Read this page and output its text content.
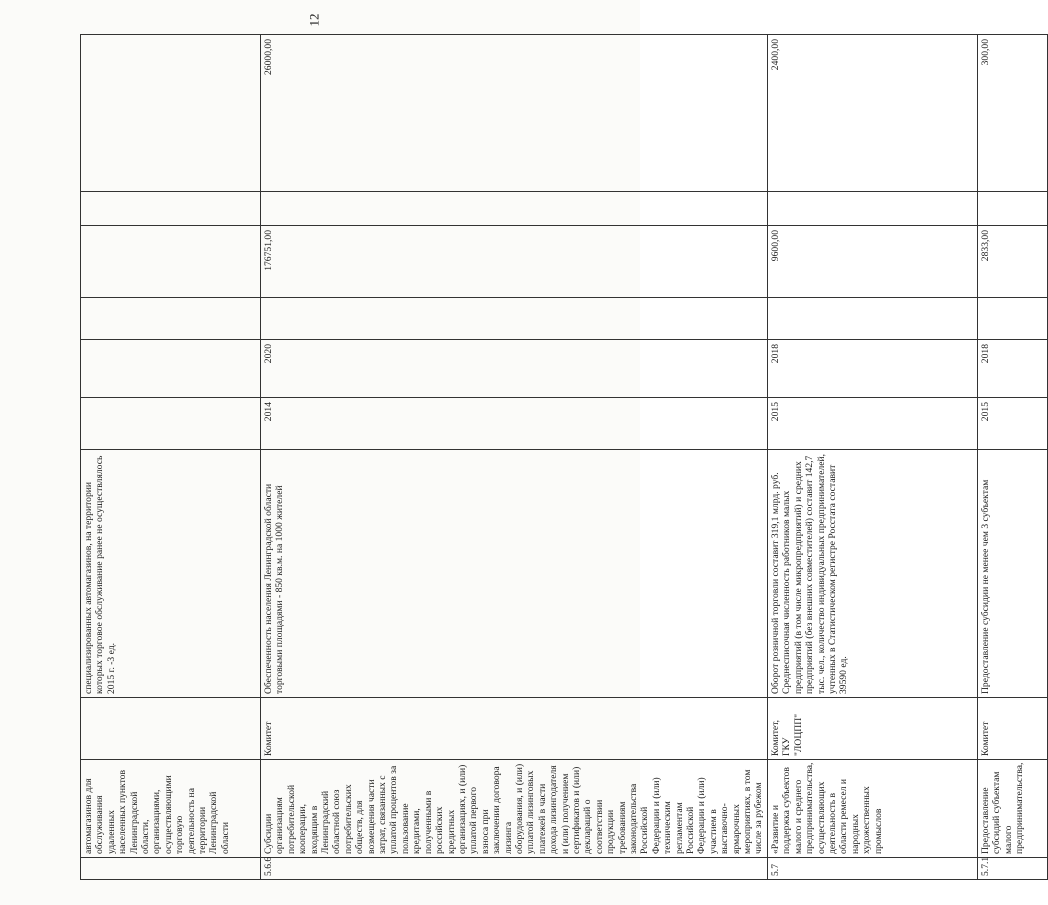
12
	автомагазинов для обслуживания удаленных населенных пунктов Ленинградской области, организациями, осуществляющими торговую деятельность на территории Ленинградской области		специализированных автомагазинов, на территории которых торговое обслуживание ранее не осуществлялось 2015 г. -3 ед.						
5.6.6	Субсидии организациям потребительской кооперации, входящим в Ленинградский областной союз потребительских обществ, для возмещения части затрат, связанных с уплатой процентов за пользование кредитами, полученными в российских кредитных организациях, и (или) уплатой первого взноса при заключении договора лизинга оборудования, и (или) уплатой лизинговых платежей в части дохода лизингодателя и (или) получением сертификатов и (или) деклараций о соответствии продукции требованиям законодательства Российской Федерации и (или) техническим регламентам Российской Федерации и (или) участием в выставочно-ярмарочных мероприятиях, в том числе за рубежом	Комитет	Обеспеченность населения Ленинградской области торговыми площадями - 850 кв.м. на 1000 жителей	2014	2020		176751,00		26000,00
5.7	«Развитие и поддержка субъектов малого и среднего предпринимательства, осуществляющих деятельность в области ремесел и народных художественных промыслов	Комитет, ГКУ "ЛОЦПП"	Оборот розничной торговли составит 319,1 млрд. руб. Среднесписочная численность работников малых предприятий (в том числе микропредприятий) и средних предприятий (без внешних совместителей) составит 142,7 тыс. чел., количество индивидуальных предпринимателей, учтенных в Статистическом регистре Росстата составит 39590 ед.	2015	2018		9600,00		2400,00
5.7.1	Предоставление субсидий субъектам малого предпринимательства,	Комитет	Предоставление субсидии не менее чем 3 субъектам	2015	2018		2833,00		300,00
